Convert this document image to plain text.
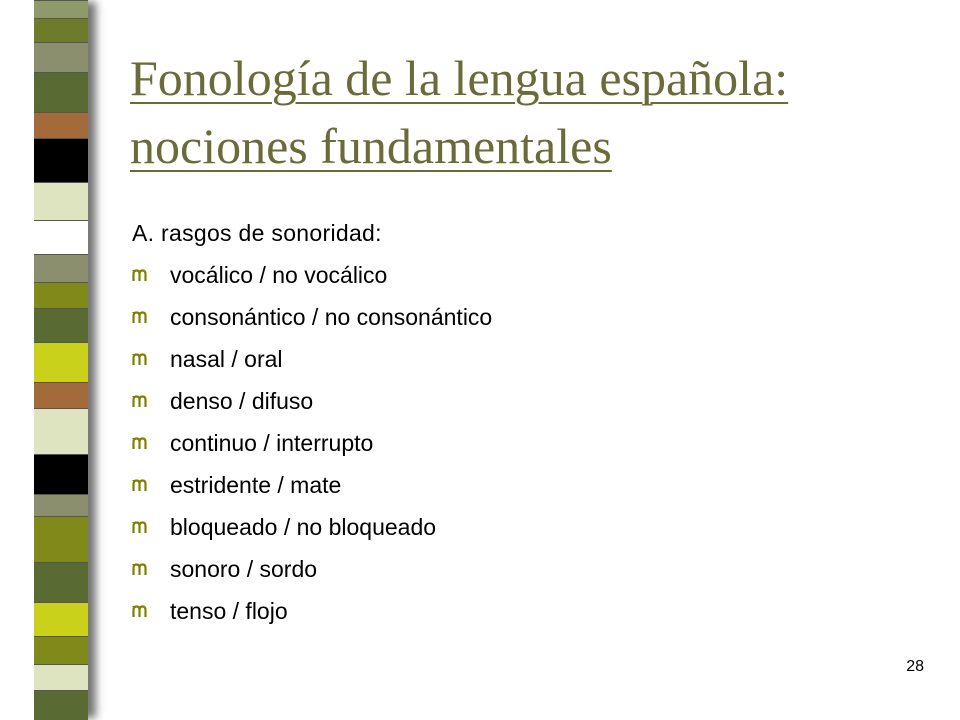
Fonología de la lengua española:
nociones fundamentales
A. rasgos de sonoridad:
vocálico / no vocálico
consonántico / no consonántico
nasal / oral
denso / difuso
continuo / interrupto
estridente / mate
bloqueado / no bloqueado
sonoro / sordo
tenso / flojo
28
